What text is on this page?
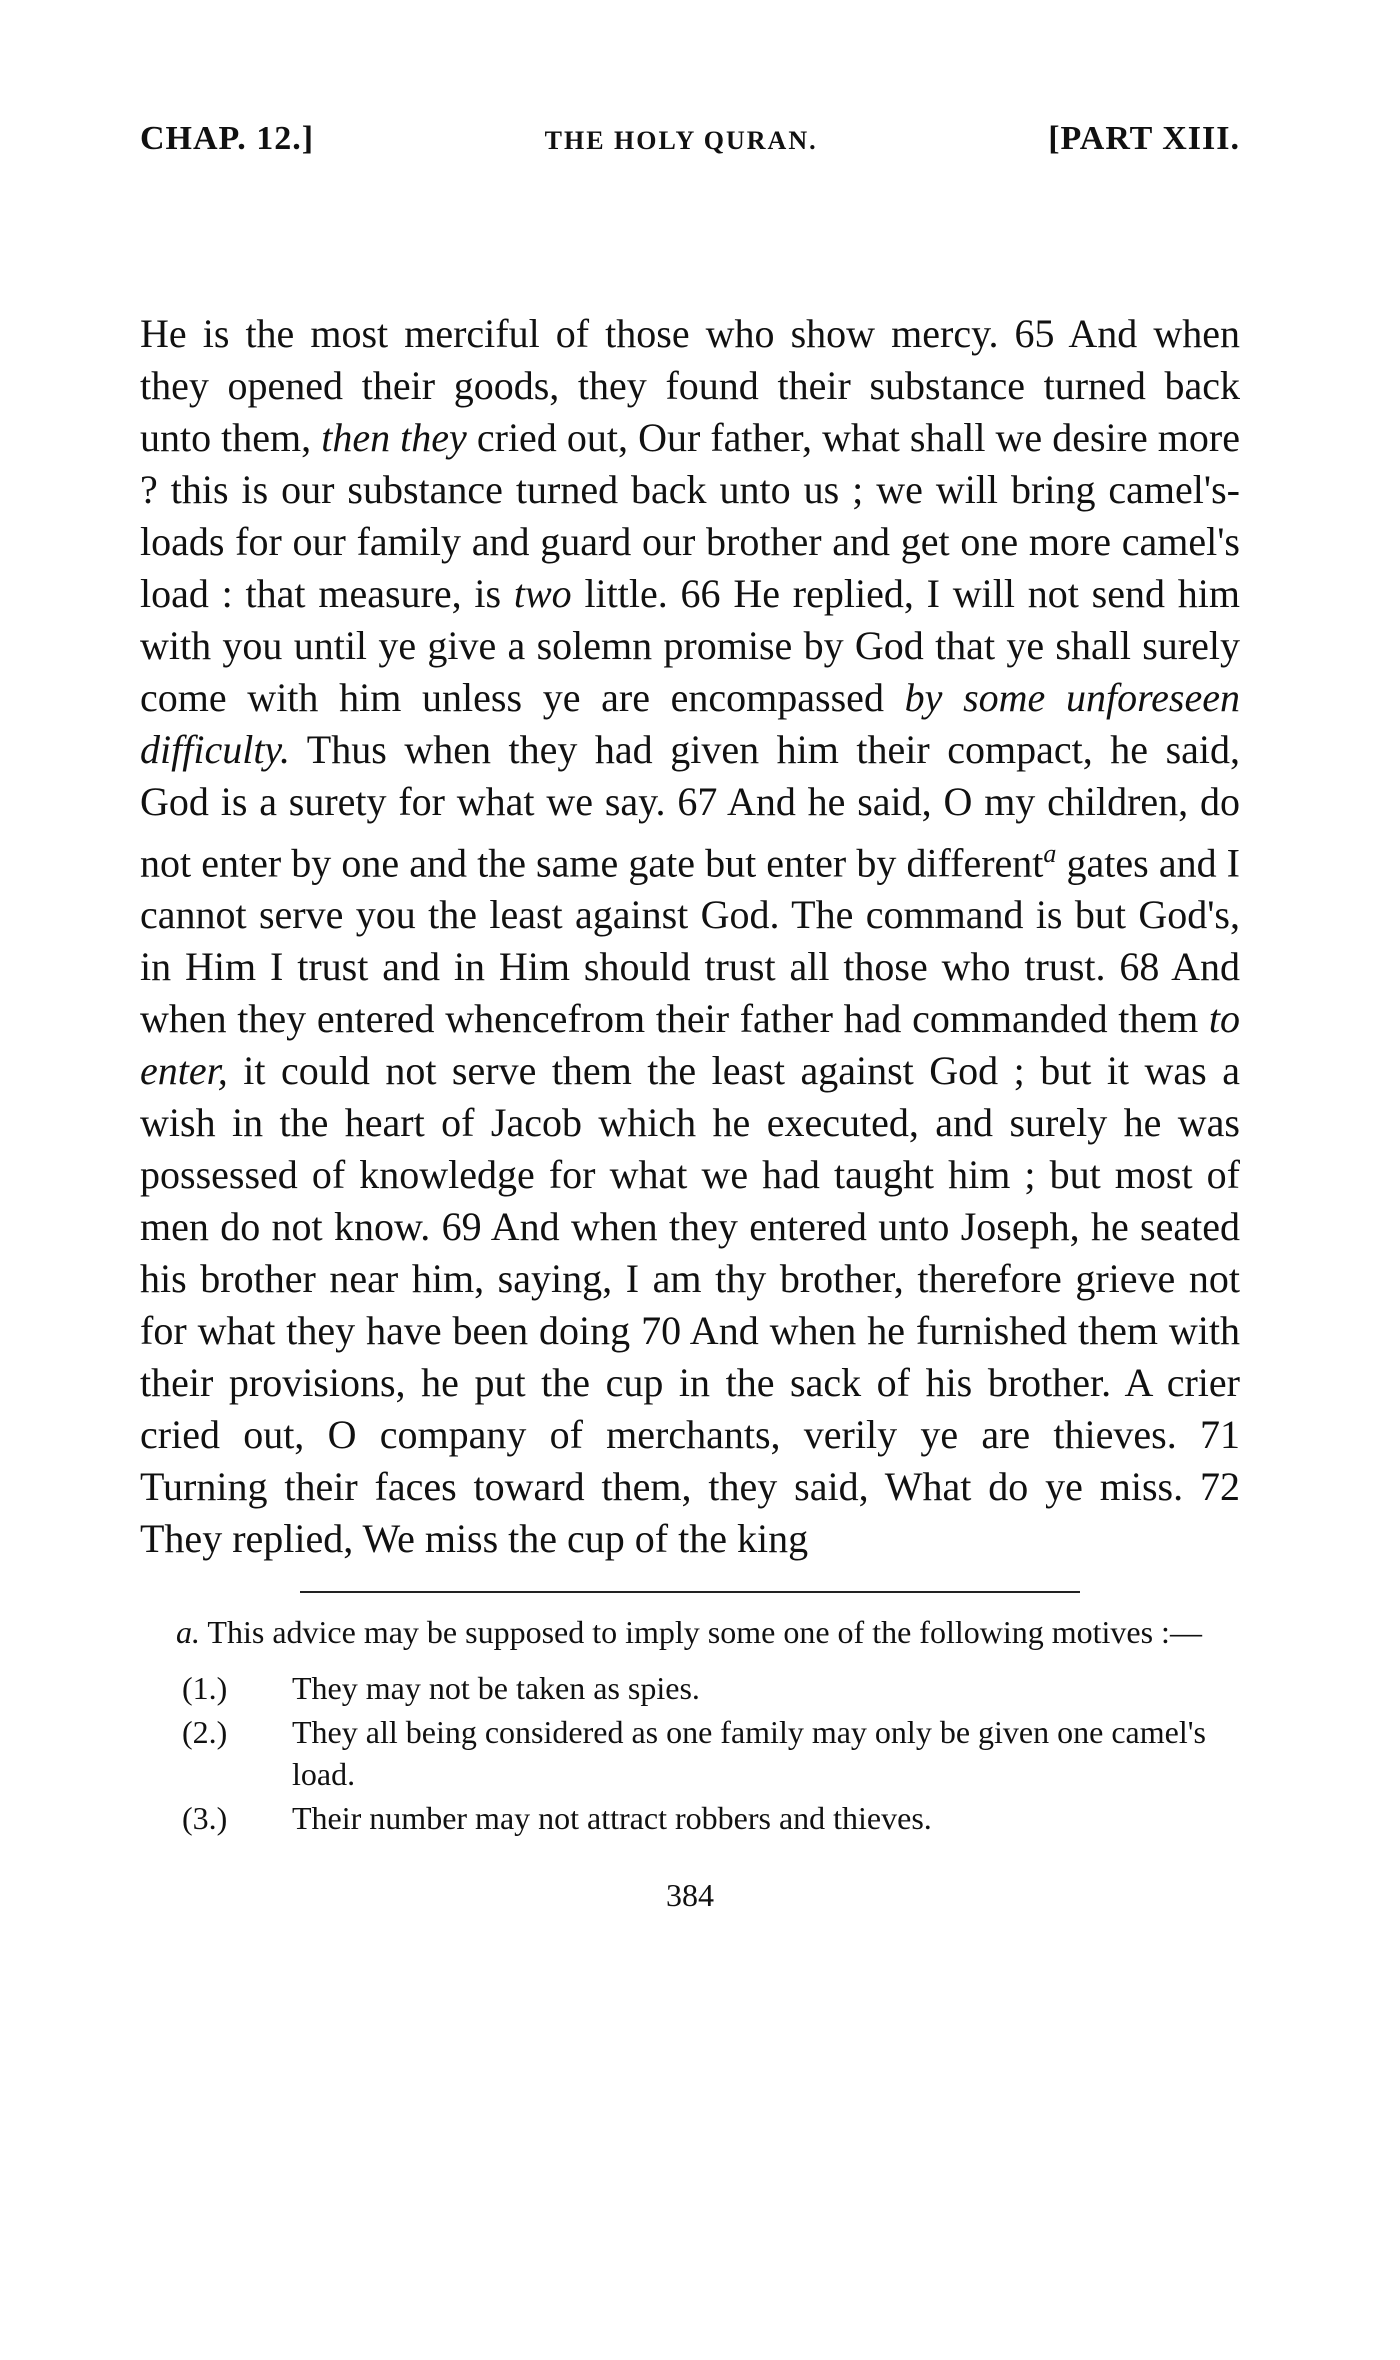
CHAP. 12.]	THE HOLY QURAN.	[PART XIII.
He is the most merciful of those who show mercy. 65 And when they opened their goods, they found their substance turned back unto them, then they cried out, Our father, what shall we desire more ? this is our substance turned back unto us ; we will bring camel's-loads for our family and guard our brother and get one more camel's load : that measure, is two little. 66 He replied, I will not send him with you until ye give a solemn promise by God that ye shall surely come with him unless ye are encompassed by some unforeseen difficulty. Thus when they had given him their compact, he said, God is a surety for what we say. 67 And he said, O my children, do not enter by one and the same gate but enter by different$^a$ gates and I cannot serve you the least against God. The command is but God's, in Him I trust and in Him should trust all those who trust. 68 And when they entered whencefrom their father had commanded them to enter, it could not serve them the least against God ; but it was a wish in the heart of Jacob which he executed, and surely he was possessed of knowledge for what we had taught him ; but most of men do not know. 69 And when they entered unto Joseph, he seated his brother near him, saying, I am thy brother, therefore grieve not for what they have been doing 70 And when he furnished them with their provisions, he put the cup in the sack of his brother. A crier cried out, O company of merchants, verily ye are thieves. 71 Turning their faces toward them, they said, What do ye miss. 72 They replied, We miss the cup of the king
a. This advice may be supposed to imply some one of the following motives :—
(1.)	They may not be taken as spies.
(2.)	They all being considered as one family may only be given one camel's load.
(3.)	Their number may not attract robbers and thieves.
384
